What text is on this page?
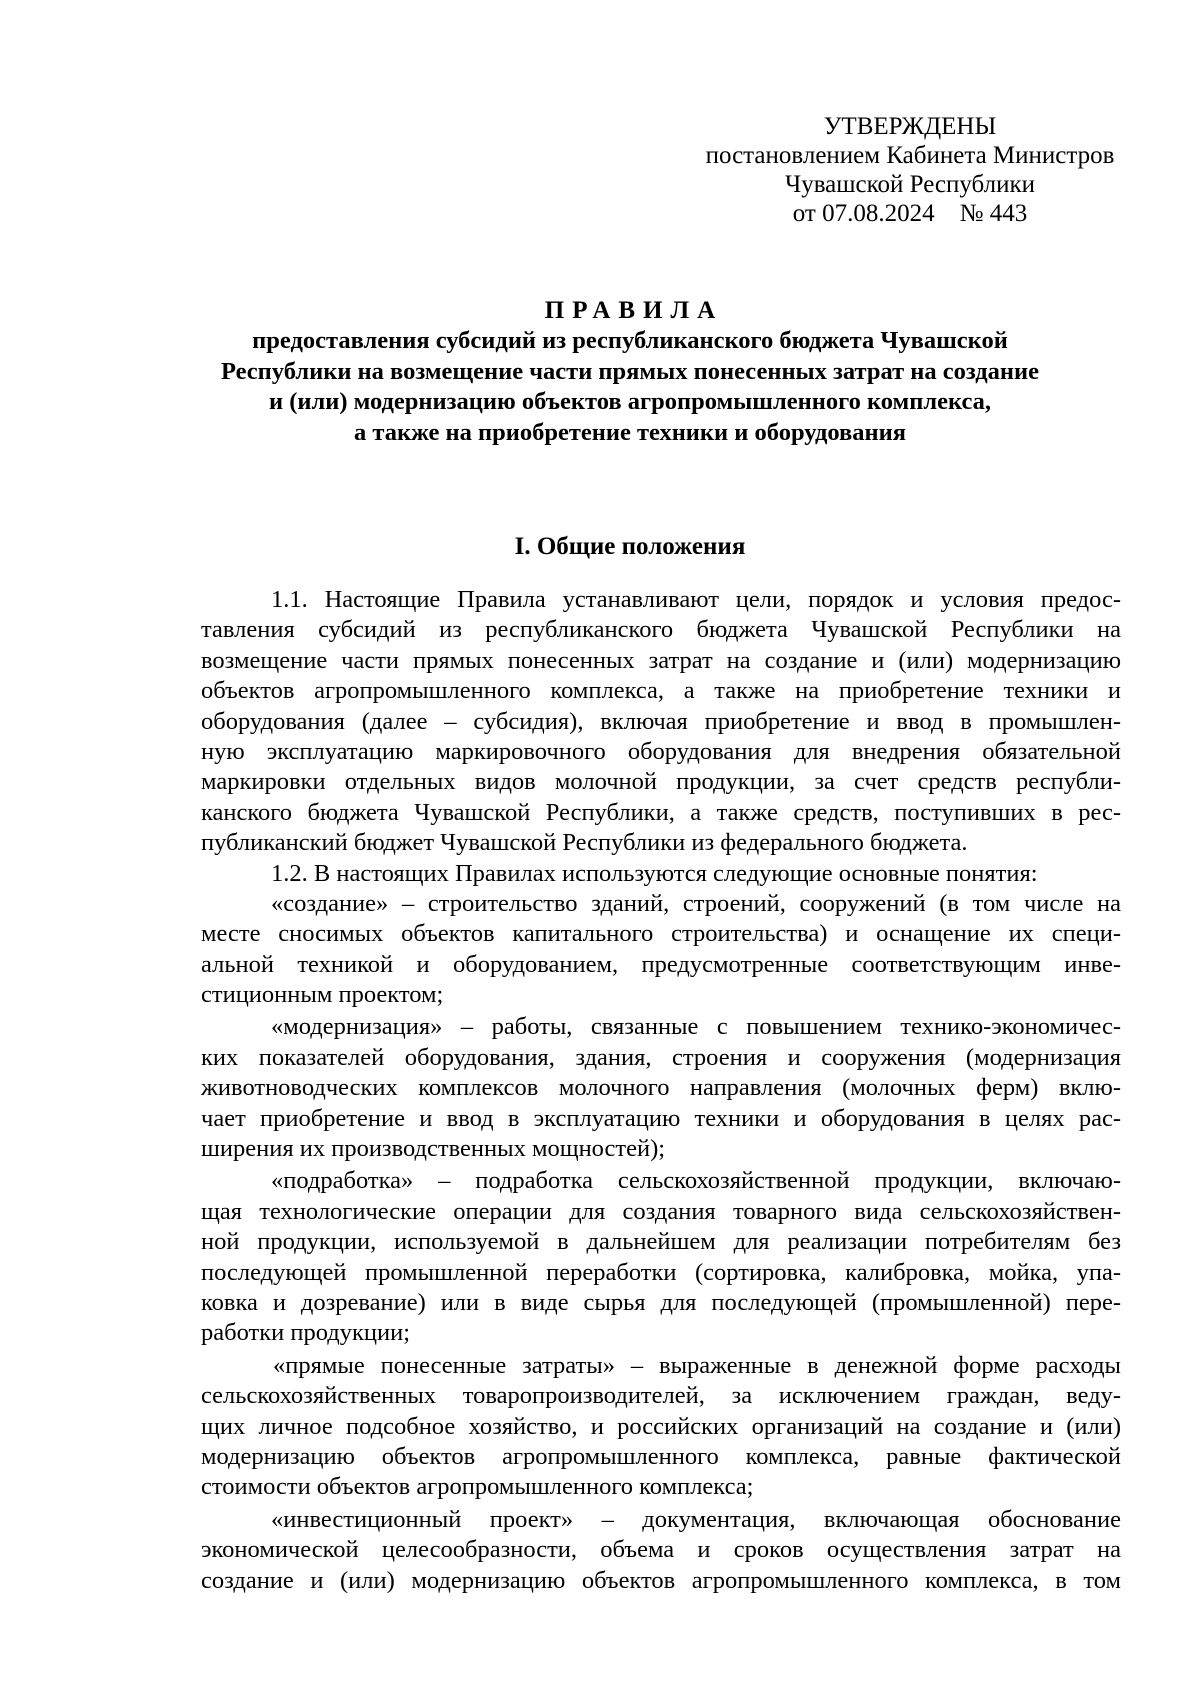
УТВЕРЖДЕНЫ
постановлением Кабинета Министров
Чувашской Республики
от 07.08.2024    № 443
ПРАВИЛА
предоставления субсидий из республиканского бюджета Чувашской
Республики на возмещение части прямых понесенных затрат на создание
и (или) модернизацию объектов агропромышленного комплекса,
а также на приобретение техники и оборудования
I. Общие положения
1.1. Настоящие Правила устанавливают цели, порядок и условия предос-
тавления субсидий из республиканского бюджета Чувашской Республики на
возмещение части прямых понесенных затрат на создание и (или) модернизацию
объектов агропромышленного комплекса, а также на приобретение техники и
оборудования (далее – субсидия), включая приобретение и ввод в промышлен-
ную эксплуатацию маркировочного оборудования для внедрения обязательной
маркировки отдельных видов молочной продукции, за счет средств республи-
канского бюджета Чувашской Республики, а также средств, поступивших в рес-
публиканский бюджет Чувашской Республики из федерального бюджета.
1.2. В настоящих Правилах используются следующие основные понятия:
«создание» – строительство зданий, строений, сооружений (в том числе на
месте сносимых объектов капитального строительства) и оснащение их специ-
альной техникой и оборудованием, предусмотренные соответствующим инве-
стиционным проектом;
«модернизация» – работы, связанные с повышением технико-экономичес-
ких показателей оборудования, здания, строения и сооружения (модернизация
животноводческих комплексов молочного направления (молочных ферм) вклю-
чает приобретение и ввод в эксплуатацию техники и оборудования в целях рас-
ширения их производственных мощностей);
«подработка» – подработка сельскохозяйственной продукции, включаю-
щая технологические операции для создания товарного вида сельскохозяйствен-
ной продукции, используемой в дальнейшем для реализации потребителям без
последующей промышленной переработки (сортировка, калибровка, мойка, упа-
ковка и дозревание) или в виде сырья для последующей (промышленной) пере-
работки продукции;
«прямые понесенные затраты» – выраженные в денежной форме расходы
сельскохозяйственных товаропроизводителей, за исключением граждан, веду-
щих личное подсобное хозяйство, и российских организаций на создание и (или)
модернизацию объектов агропромышленного комплекса, равные фактической
стоимости объектов агропромышленного комплекса;
«инвестиционный проект» – документация, включающая обоснование
экономической целесообразности, объема и сроков осуществления затрат на
создание и (или) модернизацию объектов агропромышленного комплекса, в том
